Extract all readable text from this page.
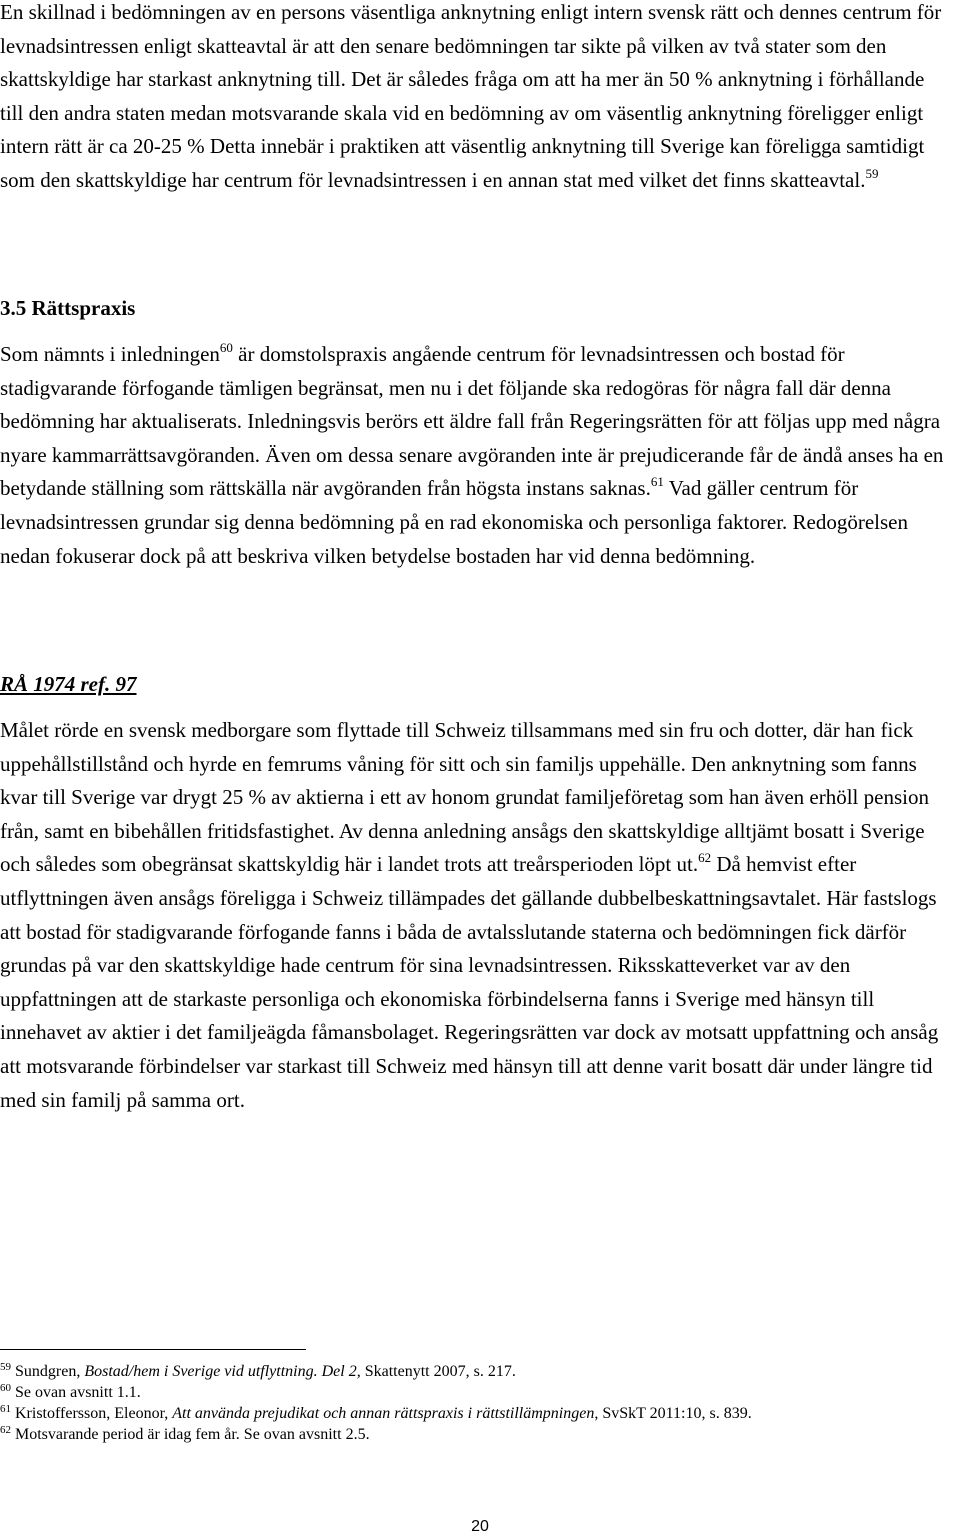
En skillnad i bedömningen av en persons väsentliga anknytning enligt intern svensk rätt och dennes centrum för levnadsintressen enligt skatteavtal är att den senare bedömningen tar sikte på vilken av två stater som den skattskyldige har starkast anknytning till. Det är således fråga om att ha mer än 50 % anknytning i förhållande till den andra staten medan motsvarande skala vid en bedömning av om väsentlig anknytning föreligger enligt intern rätt är ca 20-25 % Detta innebär i praktiken att väsentlig anknytning till Sverige kan föreligga samtidigt som den skattskyldige har centrum för levnadsintressen i en annan stat med vilket det finns skatteavtal.$^{59}$

3.5 Rättspraxis

Som nämnts i inledningen$^{60}$ är domstolspraxis angående centrum för levnadsintressen och bostad för stadigvarande förfogande tämligen begränsat, men nu i det följande ska redogöras för några fall där denna bedömning har aktualiserats. Inledningsvis berörs ett äldre fall från Regeringsrätten för att följas upp med några nyare kammarrättsavgöranden. Även om dessa senare avgöranden inte är prejudicerande får de ändå anses ha en betydande ställning som rättskälla när avgöranden från högsta instans saknas.$^{61}$ Vad gäller centrum för levnadsintressen grundar sig denna bedömning på en rad ekonomiska och personliga faktorer. Redogörelsen nedan fokuserar dock på att beskriva vilken betydelse bostaden har vid denna bedömning.

RÅ 1974 ref. 97

Målet rörde en svensk medborgare som flyttade till Schweiz tillsammans med sin fru och dotter, där han fick uppehållstillstånd och hyrde en femrums våning för sitt och sin familjs uppehälle. Den anknytning som fanns kvar till Sverige var drygt 25 % av aktierna i ett av honom grundat familjeföretag som han även erhöll pension från, samt en bibehållen fritidsfastighet. Av denna anledning ansågs den skattskyldige alltjämt bosatt i Sverige och således som obegränsat skattskyldig här i landet trots att treårsperioden löpt ut.$^{62}$ Då hemvist efter utflyttningen även ansågs föreligga i Schweiz tillämpades det gällande dubbelbeskattningsavtalet. Här fastslogs att bostad för stadigvarande förfogande fanns i båda de avtalsslutande staterna och bedömningen fick därför grundas på var den skattskyldige hade centrum för sina levnadsintressen. Riksskatteverket var av den uppfattningen att de starkaste personliga och ekonomiska förbindelserna fanns i Sverige med hänsyn till innehavet av aktier i det familjeägda fåmansbolaget. Regeringsrätten var dock av motsatt uppfattning och ansåg att motsvarande förbindelser var starkast till Schweiz med hänsyn till att denne varit bosatt där under längre tid med sin familj på samma ort.

$^{59}$ Sundgren, Bostad/hem i Sverige vid utflyttning. Del 2, Skattenytt 2007, s. 217.

$^{60}$ Se ovan avsnitt 1.1.

$^{61}$ Kristoffersson, Eleonor, Att använda prejudikat och annan rättspraxis i rättstillämpningen, SvSkT 2011:10, s. 839.

$^{62}$ Motsvarande period är idag fem år. Se ovan avsnitt 2.5.

20
